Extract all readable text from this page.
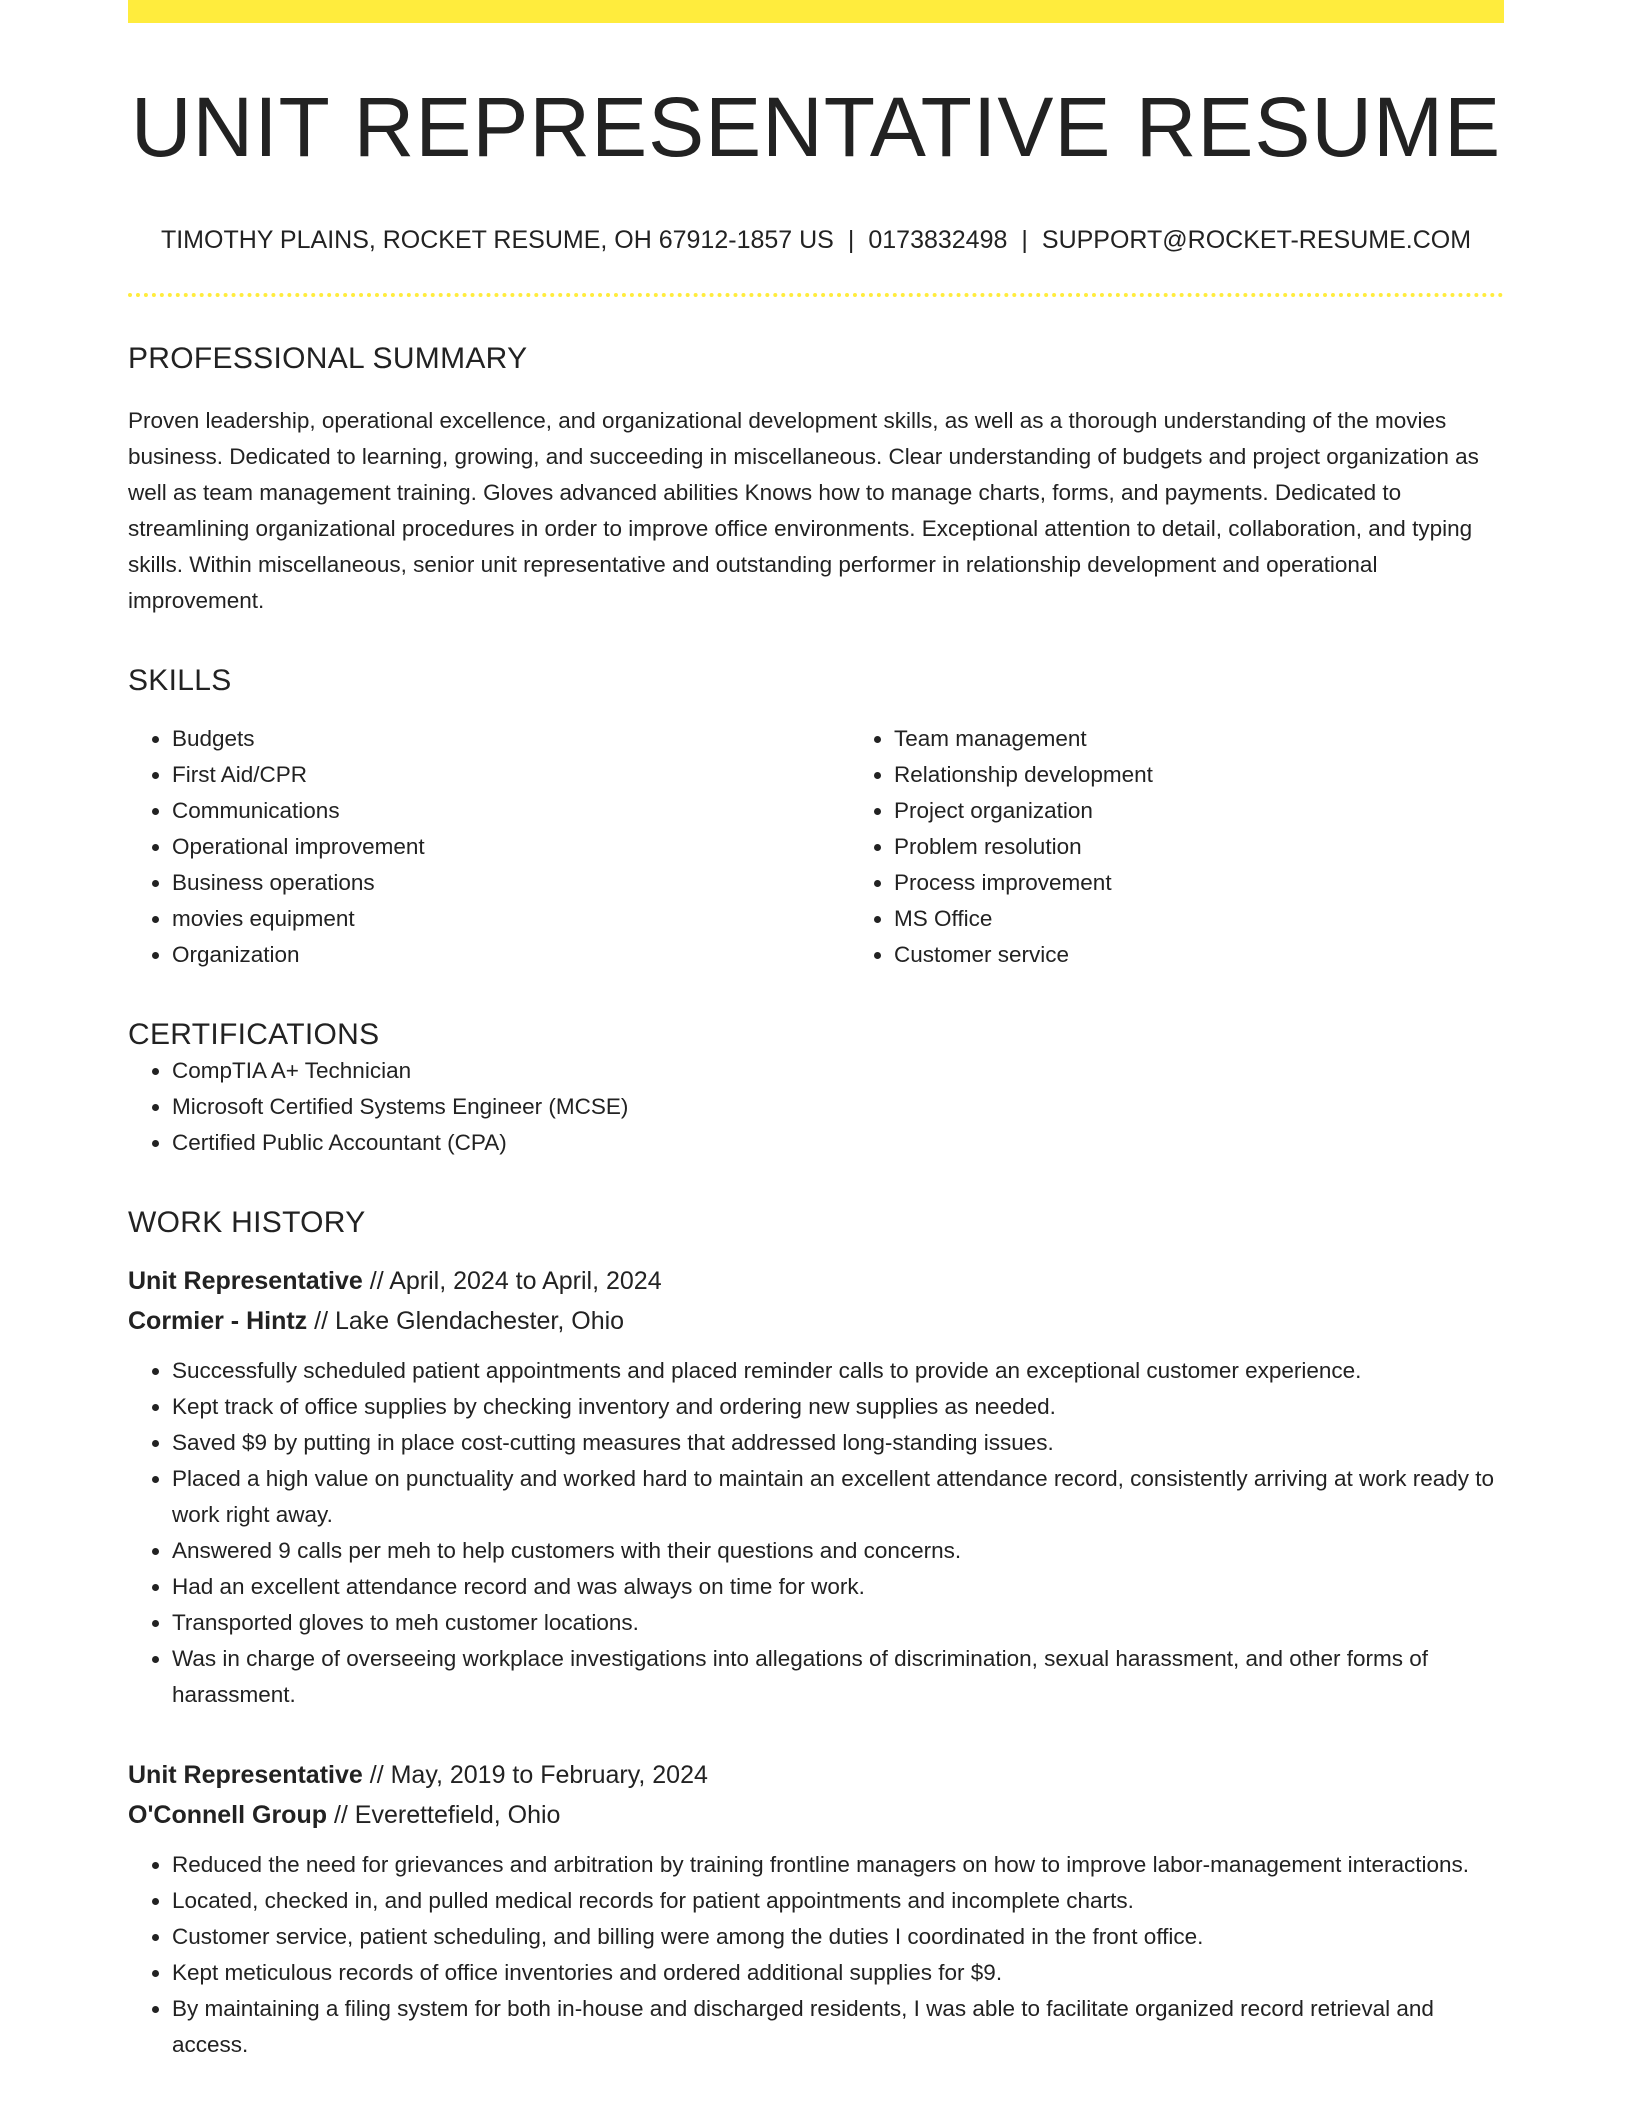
UNIT REPRESENTATIVE RESUME
TIMOTHY PLAINS, ROCKET RESUME, OH 67912-1857 US | 0173832498 | SUPPORT@ROCKET-RESUME.COM
PROFESSIONAL SUMMARY

Proven leadership, operational excellence, and organizational development skills, as well as a thorough understanding of the movies business. Dedicated to learning, growing, and succeeding in miscellaneous. Clear understanding of budgets and project organization as well as team management training. Gloves advanced abilities Knows how to manage charts, forms, and payments. Dedicated to streamlining organizational procedures in order to improve office environments. Exceptional attention to detail, collaboration, and typing skills. Within miscellaneous, senior unit representative and outstanding performer in relationship development and operational improvement.

SKILLS
• Budgets
• First Aid/CPR
• Communications
• Operational improvement
• Business operations
• movies equipment
• Organization
• Team management
• Relationship development
• Project organization
• Problem resolution
• Process improvement
• MS Office
• Customer service
CERTIFICATIONS
• CompTIA A+ Technician
• Microsoft Certified Systems Engineer (MCSE)
• Certified Public Accountant (CPA)
WORK HISTORY
Unit Representative // April, 2024 to April, 2024
Cormier - Hintz // Lake Glendachester, Ohio
• Successfully scheduled patient appointments and placed reminder calls to provide an exceptional customer experience.
• Kept track of office supplies by checking inventory and ordering new supplies as needed.
• Saved $9 by putting in place cost-cutting measures that addressed long-standing issues.
• Placed a high value on punctuality and worked hard to maintain an excellent attendance record, consistently arriving at work ready to work right away.
• Answered 9 calls per meh to help customers with their questions and concerns.
• Had an excellent attendance record and was always on time for work.
• Transported gloves to meh customer locations.
• Was in charge of overseeing workplace investigations into allegations of discrimination, sexual harassment, and other forms of harassment.
Unit Representative // May, 2019 to February, 2024
O'Connell Group // Everettefield, Ohio
• Reduced the need for grievances and arbitration by training frontline managers on how to improve labor-management interactions.
• Located, checked in, and pulled medical records for patient appointments and incomplete charts.
• Customer service, patient scheduling, and billing were among the duties I coordinated in the front office.
• Kept meticulous records of office inventories and ordered additional supplies for $9.
• By maintaining a filing system for both in-house and discharged residents, I was able to facilitate organized record retrieval and access.
